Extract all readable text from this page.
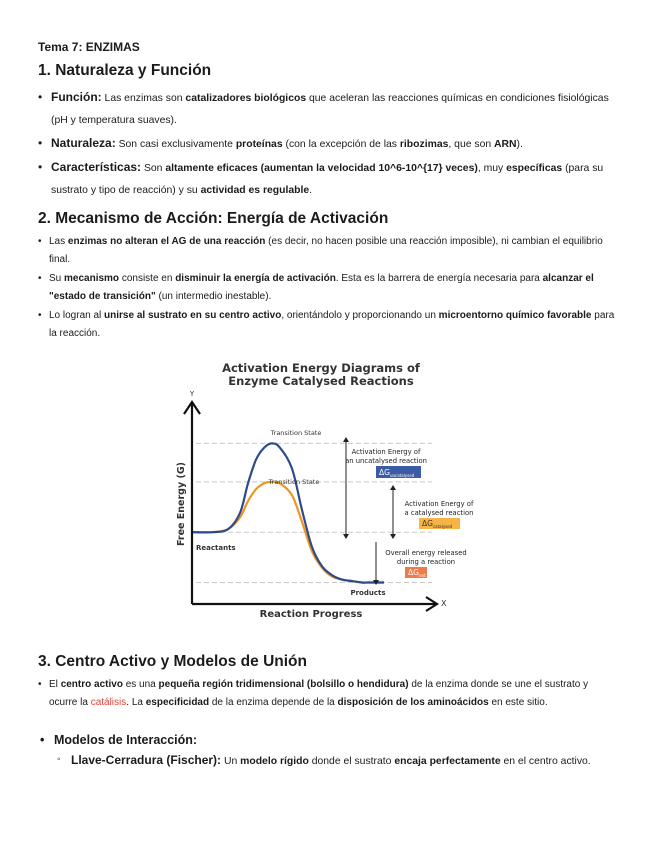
Tema 7: ENZIMAS
1. Naturaleza y Función
• Función: Las enzimas son catalizadores biológicos que aceleran las reacciones químicas en condiciones fisiológicas (pH y temperatura suaves).
• Naturaleza: Son casi exclusivamente proteínas (con la excepción de las ribozimas, que son ARN).
• Características: Son altamente eficaces (aumentan la velocidad 10^6-10^{17} veces), muy específicas (para su sustrato y tipo de reacción) y su actividad es regulable.
2. Mecanismo de Acción: Energía de Activación
• Las enzimas no alteran el AG de una reacción (es decir, no hacen posible una reacción imposible), ni cambian el equilibrio final.
• Su mecanismo consiste en disminuir la energía de activación. Esta es la barrera de energía necesaria para alcanzar el "estado de transición" (un intermedio inestable).
• Lo logran al unirse al sustrato en su centro activo, orientándolo y proporcionando un microentorno químico favorable para la reacción.
Activation Energy Diagrams of
Enzyme Catalysed Reactions
Y
X
Reaction Progress
Free Energy (G)
Transition State
Transition State
Reactants
Products
Activation Energy of
an uncatalysed reaction
$\Delta G_{uncatalysed}$
Activation Energy of
a catalysed reaction
$\Delta G_{catalysed}$
Overall energy released
during a reaction
$\Delta G_{net}$
3. Centro Activo y Modelos de Unión
• El centro activo es una pequeña región tridimensional (bolsillo o hendidura) de la enzima donde se une el sustrato y ocurre la catálisis. La especificidad de la enzima depende de la disposición de los aminoácidos en este sitio.
• Modelos de Interacción:
◦ Llave-Cerradura (Fischer): Un modelo rígido donde el sustrato encaja perfectamente en el centro activo.
